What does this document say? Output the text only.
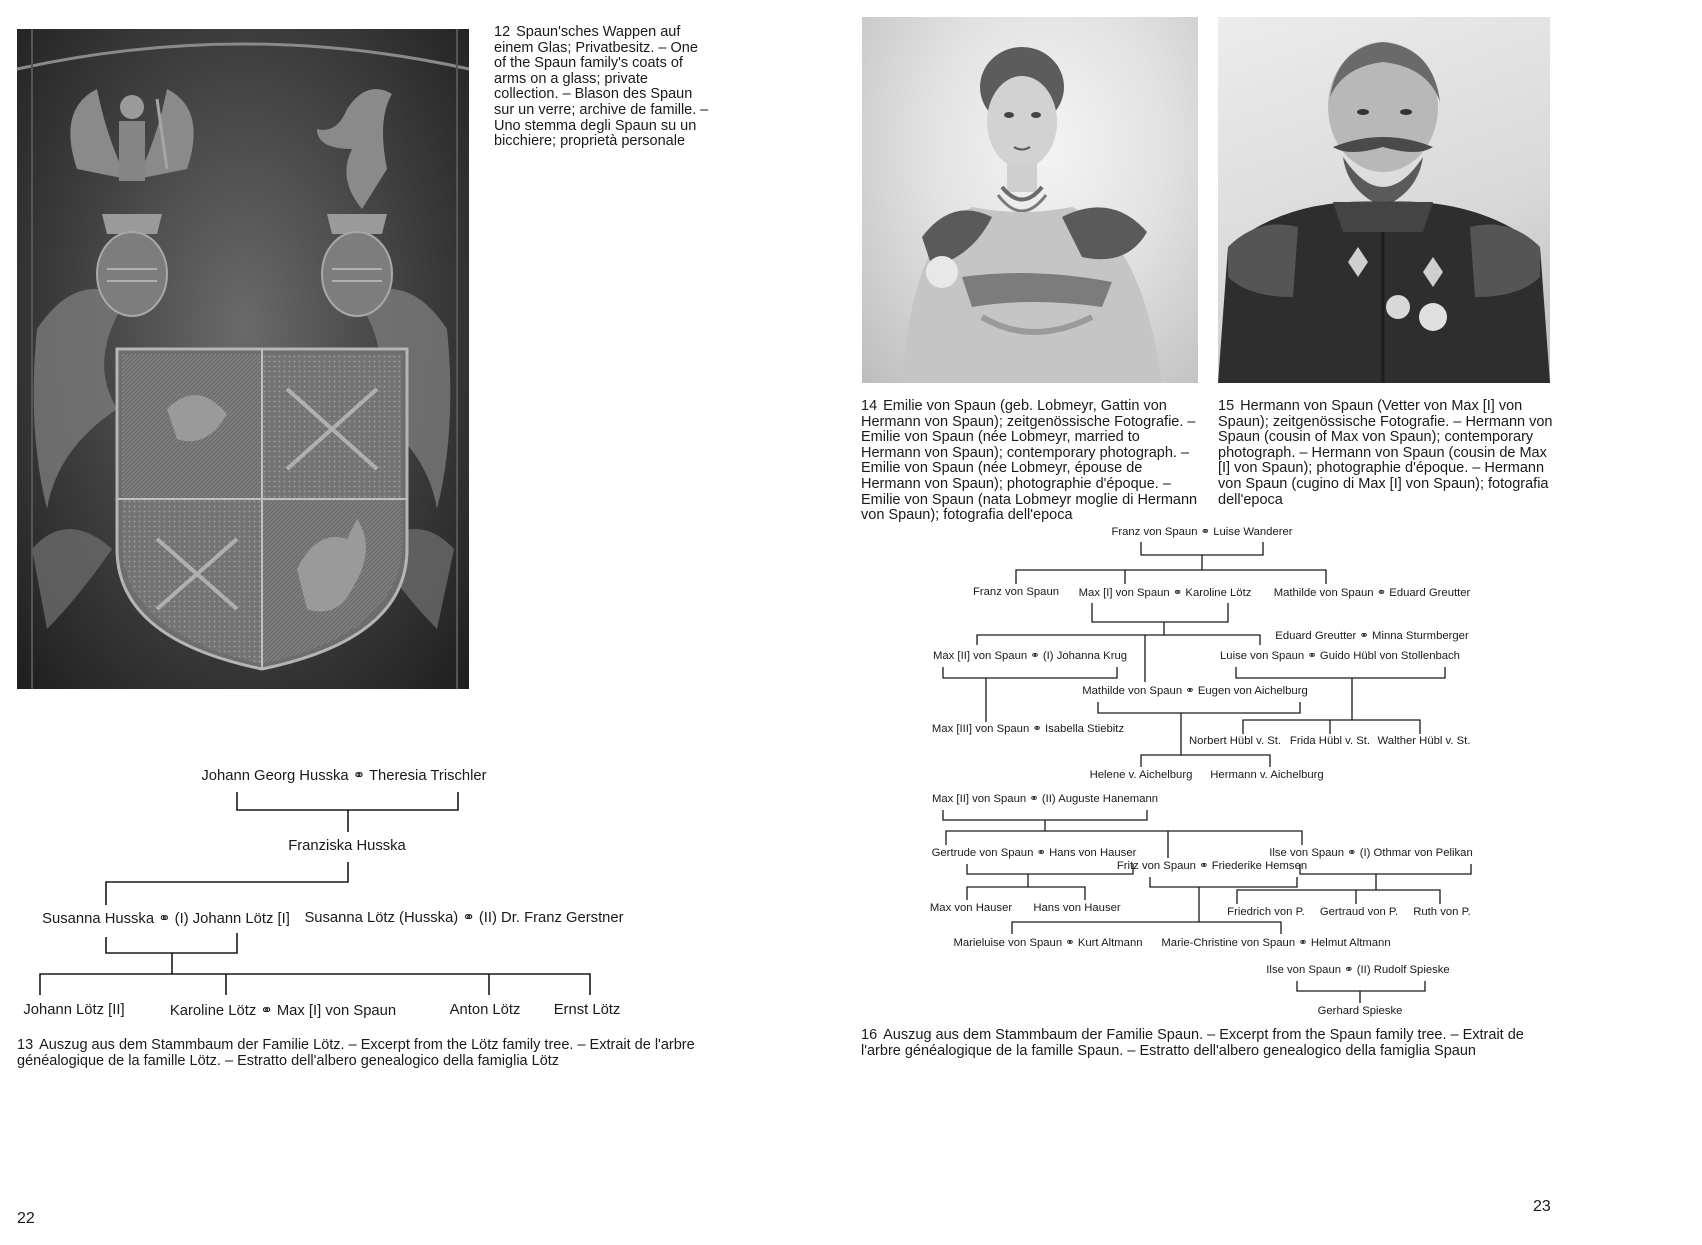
12 Spaun'sches Wappen auf einem Glas; Privatbesitz. – One of the Spaun family's coats of arms on a glass; private collection. – Blason des Spaun sur un verre; archive de famille. – Uno stemma degli Spaun su un bicchiere; proprietà personale
Johann Georg Husska ⚭ Theresia Trischler
Franziska Husska
Susanna Husska ⚭ (I) Johann Lötz [I] Susanna Lötz (Husska) ⚭ (II) Dr. Franz Gerstner
Johann Lötz [II]	Karoline Lötz ⚭ Max [I] von Spaun	Anton Lötz Ernst Lötz
13 Auszug aus dem Stammbaum der Familie Lötz. – Excerpt from the Lötz family tree. – Extrait de l'arbre généalogique de la famille Lötz. – Estratto dell'albero genealogico della famiglia Lötz
22
14 Emilie von Spaun (geb. Lobmeyr, Gattin von Hermann von Spaun); zeitgenössische Fotografie. – Emilie von Spaun (née Lobmeyr, married to Hermann von Spaun); contemporary photograph. – Emilie von Spaun (née Lobmeyr, épouse de Hermann von Spaun); photographie d'époque. – Emilie von Spaun (nata Lobmeyr moglie di Hermann von Spaun); fotografia dell'epoca
15 Hermann von Spaun (Vetter von Max [I] von Spaun); zeitgenössische Fotografie. – Hermann von Spaun (cousin of Max von Spaun); contemporary photograph. – Hermann von Spaun (cousin de Max [I] von Spaun); photographie d'époque. – Hermann von Spaun (cugino di Max [I] von Spaun); fotografia dell'epoca
Franz von Spaun ⚭ Luise Wanderer
Franz von Spaun Max [I] von Spaun ⚭ Karoline Lötz Mathilde von Spaun ⚭ Eduard Greutter
Eduard Greutter ⚭ Minna Sturmberger
Max [II] von Spaun ⚭ (I) Johanna Krug	Luise von Spaun ⚭ Guido Hübl von Stollenbach
Mathilde von Spaun ⚭ Eugen von Aichelburg
Max [III] von Spaun ⚭ Isabella Stiebitz
Norbert Hübl v. St. Frida Hübl v. St. Walther Hübl v. St.
Helene v. Aichelburg Hermann v. Aichelburg
Max [II] von Spaun ⚭ (II) Auguste Hanemann
Gertrude von Spaun ⚭ Hans von Hauser	Ilse von Spaun ⚭ (I) Othmar von Pelikan
Fritz von Spaun ⚭ Friederike Hemsen
Max von Hauser Hans von Hauser	Friedrich von P. Gertraud von P. Ruth von P.
Marieluise von Spaun ⚭ Kurt Altmann Marie-Christine von Spaun ⚭ Helmut Altmann
Ilse von Spaun ⚭ (II) Rudolf Spieske
Gerhard Spieske
16 Auszug aus dem Stammbaum der Familie Spaun. – Excerpt from the Spaun family tree. – Extrait de l'arbre généalogique de la famille Spaun. – Estratto dell'albero genealogico della famiglia Spaun
23
